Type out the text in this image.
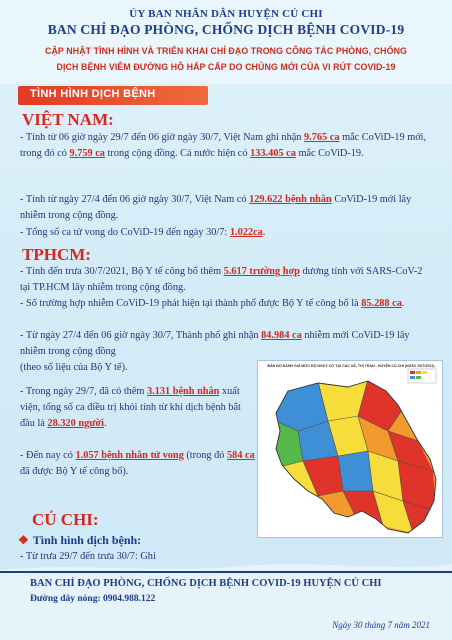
ỦY BAN NHÂN DÂN HUYỆN CỦ CHI
BAN CHỈ ĐẠO PHÒNG, CHỐNG DỊCH BỆNH COVID-19
CẬP NHẬT TÌNH HÌNH VÀ TRIỂN KHAI CHỈ ĐẠO TRONG CÔNG TÁC PHÒNG, CHỐNG
DỊCH BỆNH VIÊM ĐƯỜNG HÔ HẤP CẤP DO CHỦNG MỚI CỦA VI RÚT COVID-19
TÌNH HÌNH DỊCH BỆNH
VIỆT NAM:
- Tính từ 06 giờ ngày 29/7 đến 06 giờ ngày 30/7, Việt Nam ghi nhận 9.765 ca mắc CoViD-19 mới, trong đó có 9.759 ca trong cộng đồng. Cả nước hiện có 133.405 ca mắc CoViD-19.
- Tính từ ngày 27/4 đến 06 giờ ngày 30/7, Việt Nam có 129.622 bệnh nhân CoViD-19 mới lây nhiễm trong cộng đồng.
- Tổng số ca tử vong do CoViD-19 đến ngày 30/7: 1.022ca.
TPHCM:
- Tính đến trưa 30/7/2021, Bộ Y tế công bố thêm 5.617 trường hợp dương tính với SARS-CoV-2 tại TP.HCM lây nhiễm trong cộng đồng.
- Số trường hợp nhiễm CoViD-19 phát hiện tại thành phố được Bộ Y tế công bố là 85.288 ca.
- Từ ngày 27/4 đến 06 giờ ngày 30/7, Thành phố ghi nhận 84.984 ca nhiễm mới CoViD-19 lây nhiễm trong cộng đồng
(theo số liệu của Bộ Y tế).
- Trong ngày 29/7, đã có thêm 3.131 bệnh nhân xuất viện, tổng số ca điều trị khỏi tính từ khi dịch bệnh bắt đầu là 28.320 người.
- Đến nay có 1.057 bệnh nhân tử vong (trong đó 584 ca đã được Bộ Y tế công bố).
CỦ CHI:
❖ Tình hình dịch bệnh:
- Từ trưa 29/7 đến trưa 30/7: Ghi
BẢN ĐỒ ĐÁNH GIÁ MỨC ĐỘ NGUY CƠ TẠI CÁC XÃ, THỊ TRẤN - HUYỆN CỦ CHI (NGÀY 29/7/2021)
BAN CHỈ ĐẠO PHÒNG, CHỐNG DỊCH BỆNH COVID-19 HUYỆN CỦ CHI
Đường dây nóng: 0904.988.122
Ngày 30 tháng 7 năm 2021
